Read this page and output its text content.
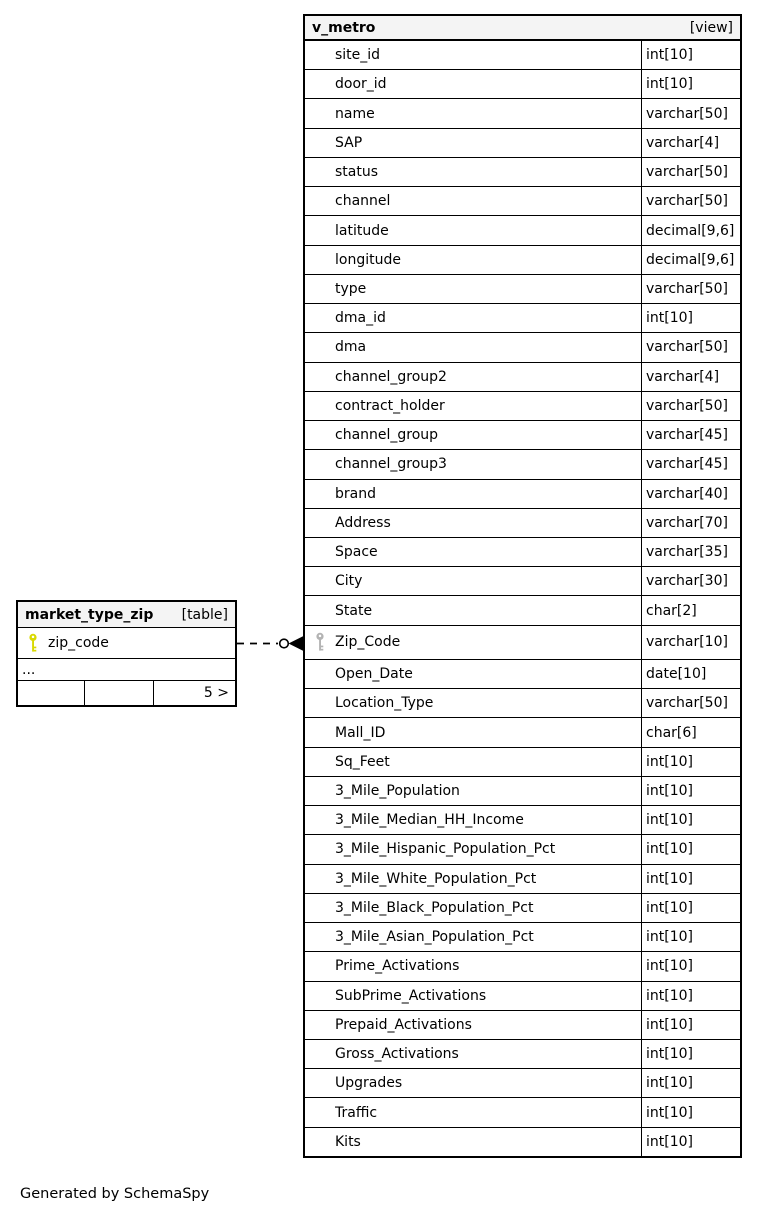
market_type_zip [table]
zip_code
...
5 >
v_metro	[view]
site_id	int[10]
door_id	int[10]
name	varchar[50]
SAP	varchar[4]
status	varchar[50]
channel	varchar[50]
latitude	decimal[9,6]
longitude	decimal[9,6]
type	varchar[50]
dma_id	int[10]
dma	varchar[50]
channel_group2	varchar[4]
contract_holder	varchar[50]
channel_group	varchar[45]
channel_group3	varchar[45]
brand	varchar[40]
Address	varchar[70]
Space	varchar[35]
City	varchar[30]
State	char[2]
Zip_Code	varchar[10]
Open_Date	date[10]
Location_Type	varchar[50]
Mall_ID	char[6]
Sq_Feet	int[10]
3_Mile_Population	int[10]
3_Mile_Median_HH_Income	int[10]
3_Mile_Hispanic_Population_Pct	int[10]
3_Mile_White_Population_Pct	int[10]
3_Mile_Black_Population_Pct	int[10]
3_Mile_Asian_Population_Pct	int[10]
Prime_Activations	int[10]
SubPrime_Activations	int[10]
Prepaid_Activations	int[10]
Gross_Activations	int[10]
Upgrades	int[10]
Traffic	int[10]
Kits	int[10]
Generated by SchemaSpy
